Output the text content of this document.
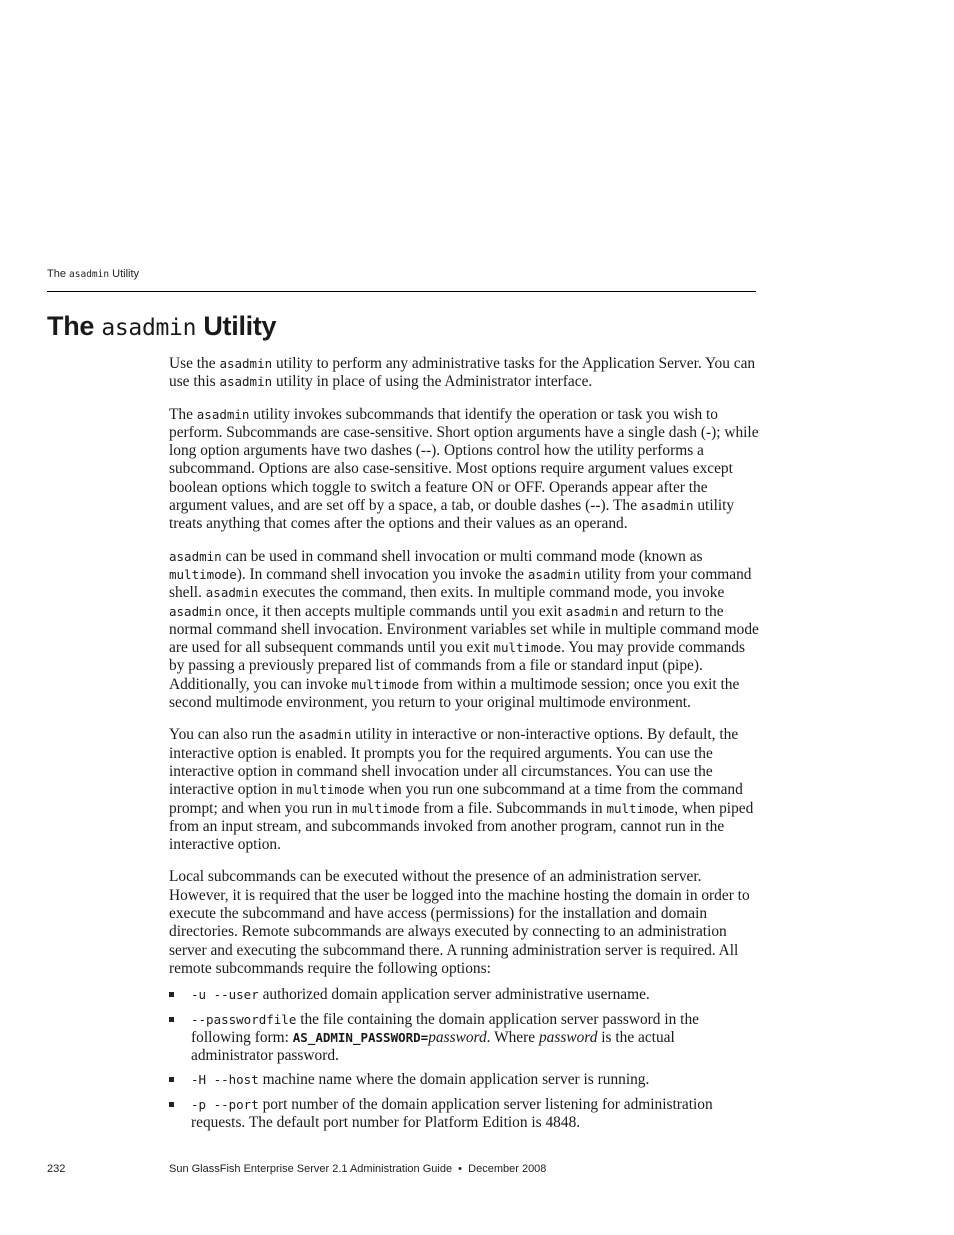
The asadmin Utility
The asadmin Utility

Use the asadmin utility to perform any administrative tasks for the Application Server. You can use this asadmin utility in place of using the Administrator interface.

The asadmin utility invokes subcommands that identify the operation or task you wish to perform. Subcommands are case-sensitive. Short option arguments have a single dash (-); while long option arguments have two dashes (--). Options control how the utility performs a subcommand. Options are also case-sensitive. Most options require argument values except boolean options which toggle to switch a feature ON or OFF. Operands appear after the argument values, and are set off by a space, a tab, or double dashes (--). The asadmin utility treats anything that comes after the options and their values as an operand.

asadmin can be used in command shell invocation or multi command mode (known as multimode). In command shell invocation you invoke the asadmin utility from your command shell. asadmin executes the command, then exits. In multiple command mode, you invoke asadmin once, it then accepts multiple commands until you exit asadmin and return to the normal command shell invocation. Environment variables set while in multiple command mode are used for all subsequent commands until you exit multimode. You may provide commands by passing a previously prepared list of commands from a file or standard input (pipe). Additionally, you can invoke multimode from within a multimode session; once you exit the second multimode environment, you return to your original multimode environment.

You can also run the asadmin utility in interactive or non-interactive options. By default, the interactive option is enabled. It prompts you for the required arguments. You can use the interactive option in command shell invocation under all circumstances. You can use the interactive option in multimode when you run one subcommand at a time from the command prompt; and when you run in multimode from a file. Subcommands in multimode, when piped from an input stream, and subcommands invoked from another program, cannot run in the interactive option.

Local subcommands can be executed without the presence of an administration server. However, it is required that the user be logged into the machine hosting the domain in order to execute the subcommand and have access (permissions) for the installation and domain directories. Remote subcommands are always executed by connecting to an administration server and executing the subcommand there. A running administration server is required. All remote subcommands require the following options:

-u --user authorized domain application server administrative username.
--passwordfile the file containing the domain application server password in the following form: AS_ADMIN_PASSWORD=password. Where password is the actual administrator password.
-H --host machine name where the domain application server is running.
-p --port port number of the domain application server listening for administration requests. The default port number for Platform Edition is 4848.
232	Sun GlassFish Enterprise Server 2.1 Administration Guide  •  December 2008
